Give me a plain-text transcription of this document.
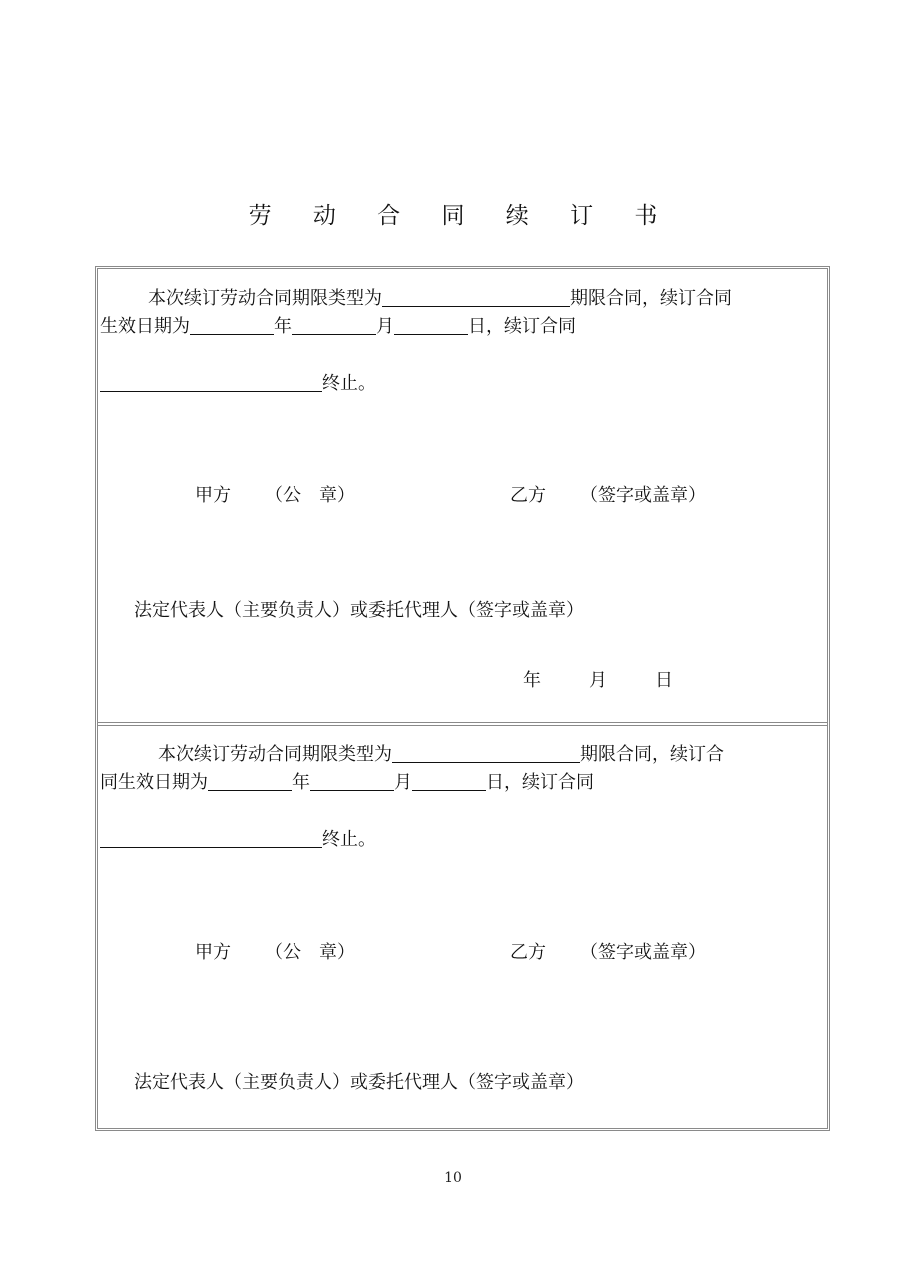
劳 动 合 同 续 订 书
本次续订劳动合同期限类型为	期限合同，续订合同
生效日期为	年	月	日，续订合同
终止。
甲方 （公　章）	乙方 （签字或盖章）
法定代表人（主要负责人）或委托代理人（签字或盖章）
年	月	日
本次续订劳动合同期限类型为	期限合同，续订合
同生效日期为	年	月	日，续订合同
终止。
甲方 （公　章）	乙方 （签字或盖章）
法定代表人（主要负责人）或委托代理人（签字或盖章）
10
